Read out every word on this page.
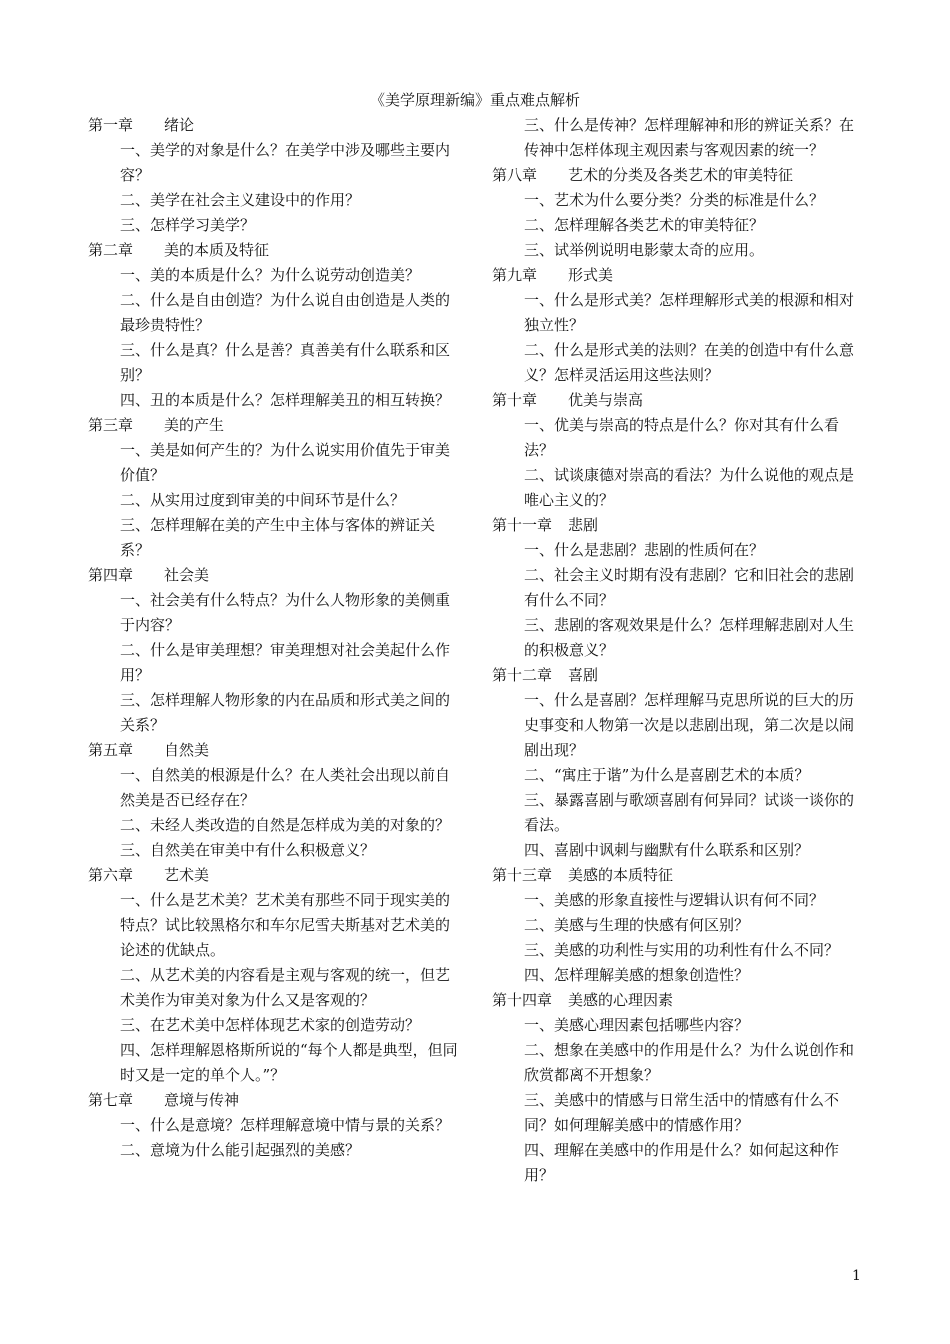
《美学原理新编》重点难点解析
第一章 绪论
一、美学的对象是什么？在美学中涉及哪些主要内容？
二、美学在社会主义建设中的作用？
三、怎样学习美学？
第二章 美的本质及特征
一、美的本质是什么？为什么说劳动创造美？
二、什么是自由创造？为什么说自由创造是人类的最珍贵特性？
三、什么是真？什么是善？真善美有什么联系和区别？
四、丑的本质是什么？怎样理解美丑的相互转换？
第三章 美的产生
一、美是如何产生的？为什么说实用价值先于审美价值？
二、从实用过度到审美的中间环节是什么？
三、怎样理解在美的产生中主体与客体的辨证关系？
第四章 社会美
一、社会美有什么特点？为什么人物形象的美侧重于内容？
二、什么是审美理想？审美理想对社会美起什么作用？
三、怎样理解人物形象的内在品质和形式美之间的关系？
第五章 自然美
一、自然美的根源是什么？在人类社会出现以前自然美是否已经存在？
二、未经人类改造的自然是怎样成为美的对象的？
三、自然美在审美中有什么积极意义？
第六章 艺术美
一、什么是艺术美？艺术美有那些不同于现实美的特点？试比较黑格尔和车尔尼雪夫斯基对艺术美的论述的优缺点。
二、从艺术美的内容看是主观与客观的统一，但艺术美作为审美对象为什么又是客观的？
三、在艺术美中怎样体现艺术家的创造劳动？
四、怎样理解恩格斯所说的“每个人都是典型，但同时又是一定的单个人。”？
第七章 意境与传神
一、什么是意境？怎样理解意境中情与景的关系？
二、意境为什么能引起强烈的美感？
三、什么是传神？怎样理解神和形的辨证关系？在传神中怎样体现主观因素与客观因素的统一？
第八章 艺术的分类及各类艺术的审美特征
一、艺术为什么要分类？分类的标准是什么？
二、怎样理解各类艺术的审美特征？
三、试举例说明电影蒙太奇的应用。
第九章 形式美
一、什么是形式美？怎样理解形式美的根源和相对独立性？
二、什么是形式美的法则？在美的创造中有什么意义？怎样灵活运用这些法则？
第十章 优美与崇高
一、优美与崇高的特点是什么？你对其有什么看法？
二、试谈康德对崇高的看法？为什么说他的观点是唯心主义的？
第十一章 悲剧
一、什么是悲剧？悲剧的性质何在？
二、社会主义时期有没有悲剧？它和旧社会的悲剧有什么不同？
三、悲剧的客观效果是什么？怎样理解悲剧对人生的积极意义？
第十二章 喜剧
一、什么是喜剧？怎样理解马克思所说的巨大的历史事变和人物第一次是以悲剧出现，第二次是以闹剧出现？
二、“寓庄于谐”为什么是喜剧艺术的本质？
三、暴露喜剧与歌颂喜剧有何异同？试谈一谈你的看法。
四、喜剧中讽刺与幽默有什么联系和区别？
第十三章 美感的本质特征
一、美感的形象直接性与逻辑认识有何不同？
二、美感与生理的快感有何区别？
三、美感的功利性与实用的功利性有什么不同？
四、怎样理解美感的想象创造性？
第十四章 美感的心理因素
一、美感心理因素包括哪些内容？
二、想象在美感中的作用是什么？为什么说创作和欣赏都离不开想象？
三、美感中的情感与日常生活中的情感有什么不同？如何理解美感中的情感作用？
四、理解在美感中的作用是什么？如何起这种作用？
1
